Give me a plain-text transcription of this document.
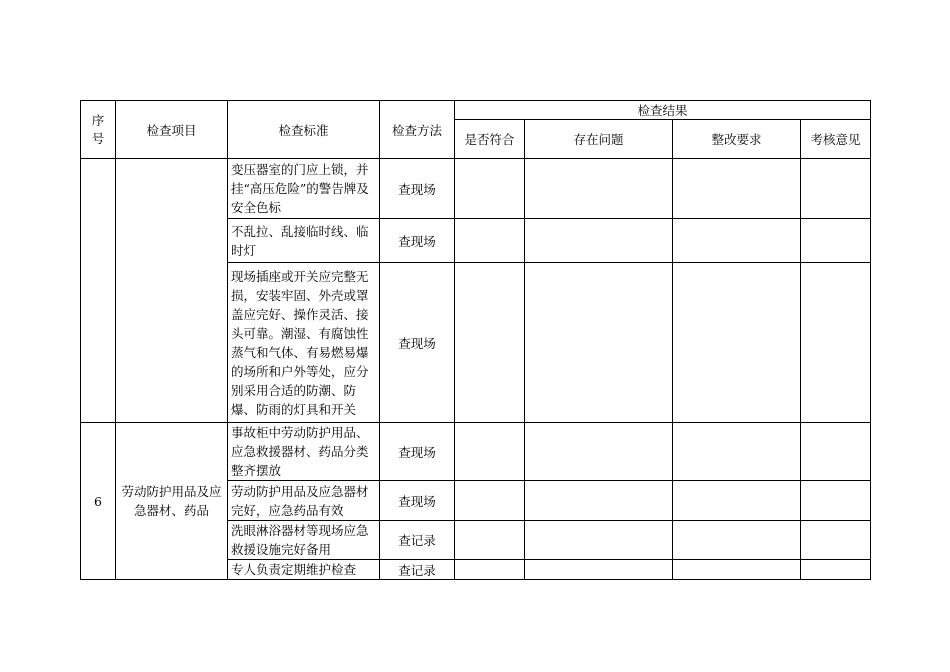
序
号	检查项目	检查标准	检查方法	检查结果			
				是否符合	存在问题	整改要求	考核意见
		变压器室的门应上锁，并挂“高压危险”的警告牌及安全色标	查现场				
		不乱拉、乱接临时线、临时灯	查现场				
		现场插座或开关应完整无损，安装牢固、外壳或罩盖应完好、操作灵活、接头可靠。潮湿、有腐蚀性蒸气和气体、有易燃易爆的场所和户外等处，应分别采用合适的防潮、防爆、防雨的灯具和开关	查现场				
6	劳动防护用品及应急器材、药品	事故柜中劳动防护用品、应急救援器材、药品分类整齐摆放	查现场				
		劳动防护用品及应急器材完好，应急药品有效	查现场				
		洗眼淋浴器材等现场应急救援设施完好备用	查记录				
		专人负责定期维护检查	查记录				
